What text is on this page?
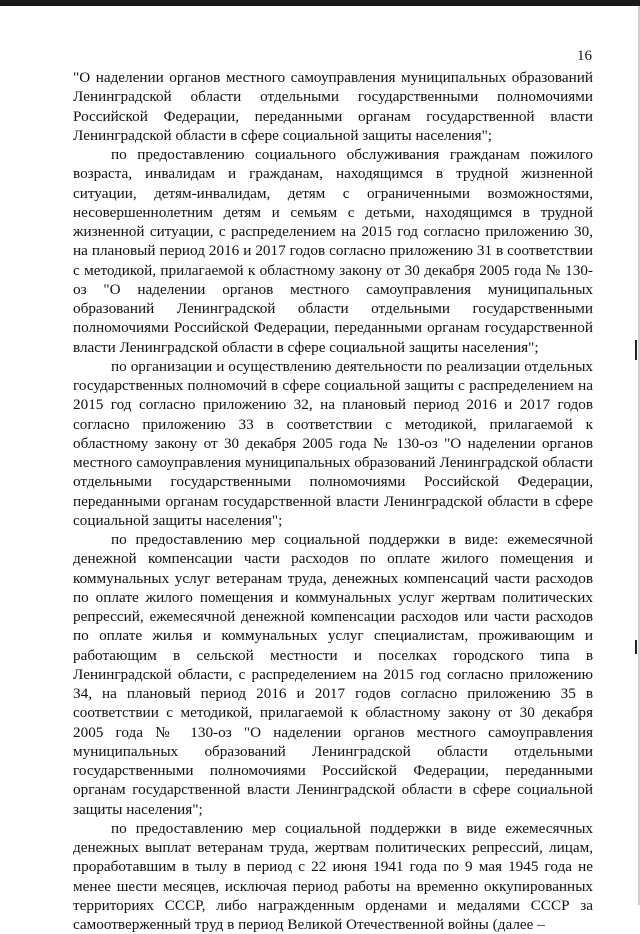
16

"О наделении органов местного самоуправления муниципальных образований Ленинградской области отдельными государственными полномочиями Российской Федерации, переданными органам государственной власти Ленинградской области в сфере социальной защиты населения";

по предоставлению социального обслуживания гражданам пожилого возраста, инвалидам и гражданам, находящимся в трудной жизненной ситуации, детям-инвалидам, детям с ограниченными возможностями, несовершеннолетним детям и семьям с детьми, находящимся в трудной жизненной ситуации, с распределением на 2015 год согласно приложению 30, на плановый период 2016 и 2017 годов согласно приложению 31 в соответствии с методикой, прилагаемой к областному закону от 30 декабря 2005 года № 130-оз "О наделении органов местного самоуправления муниципальных образований Ленинградской области отдельными государственными полномочиями Российской Федерации, переданными органам государственной власти Ленинградской области в сфере социальной защиты населения";

по организации и осуществлению деятельности по реализации отдельных государственных полномочий в сфере социальной защиты с распределением на 2015 год согласно приложению 32, на плановый период 2016 и 2017 годов согласно приложению 33 в соответствии с методикой, прилагаемой к областному закону от 30 декабря 2005 года № 130-оз "О наделении органов местного самоуправления муниципальных образований Ленинградской области отдельными государственными полномочиями Российской Федерации, переданными органам государственной власти Ленинградской области в сфере социальной защиты населения";

по предоставлению мер социальной поддержки в виде: ежемесячной денежной компенсации части расходов по оплате жилого помещения и коммунальных услуг ветеранам труда, денежных компенсаций части расходов по оплате жилого помещения и коммунальных услуг жертвам политических репрессий, ежемесячной денежной компенсации расходов или части расходов по оплате жилья и коммунальных услуг специалистам, проживающим и работающим в сельской местности и поселках городского типа в Ленинградской области, с распределением на 2015 год согласно приложению 34, на плановый период 2016 и 2017 годов согласно приложению 35 в соответствии с методикой, прилагаемой к областному закону от 30 декабря 2005 года № 130-оз "О наделении органов местного самоуправления муниципальных образований Ленинградской области отдельными государственными полномочиями Российской Федерации, переданными органам государственной власти Ленинградской области в сфере социальной защиты населения";

по предоставлению мер социальной поддержки в виде ежемесячных денежных выплат ветеранам труда, жертвам политических репрессий, лицам, проработавшим в тылу в период с 22 июня 1941 года по 9 мая 1945 года не менее шести месяцев, исключая период работы на временно оккупированных территориях СССР, либо награжденным орденами и медалями СССР за самоотверженный труд в период Великой Отечественной войны (далее –
